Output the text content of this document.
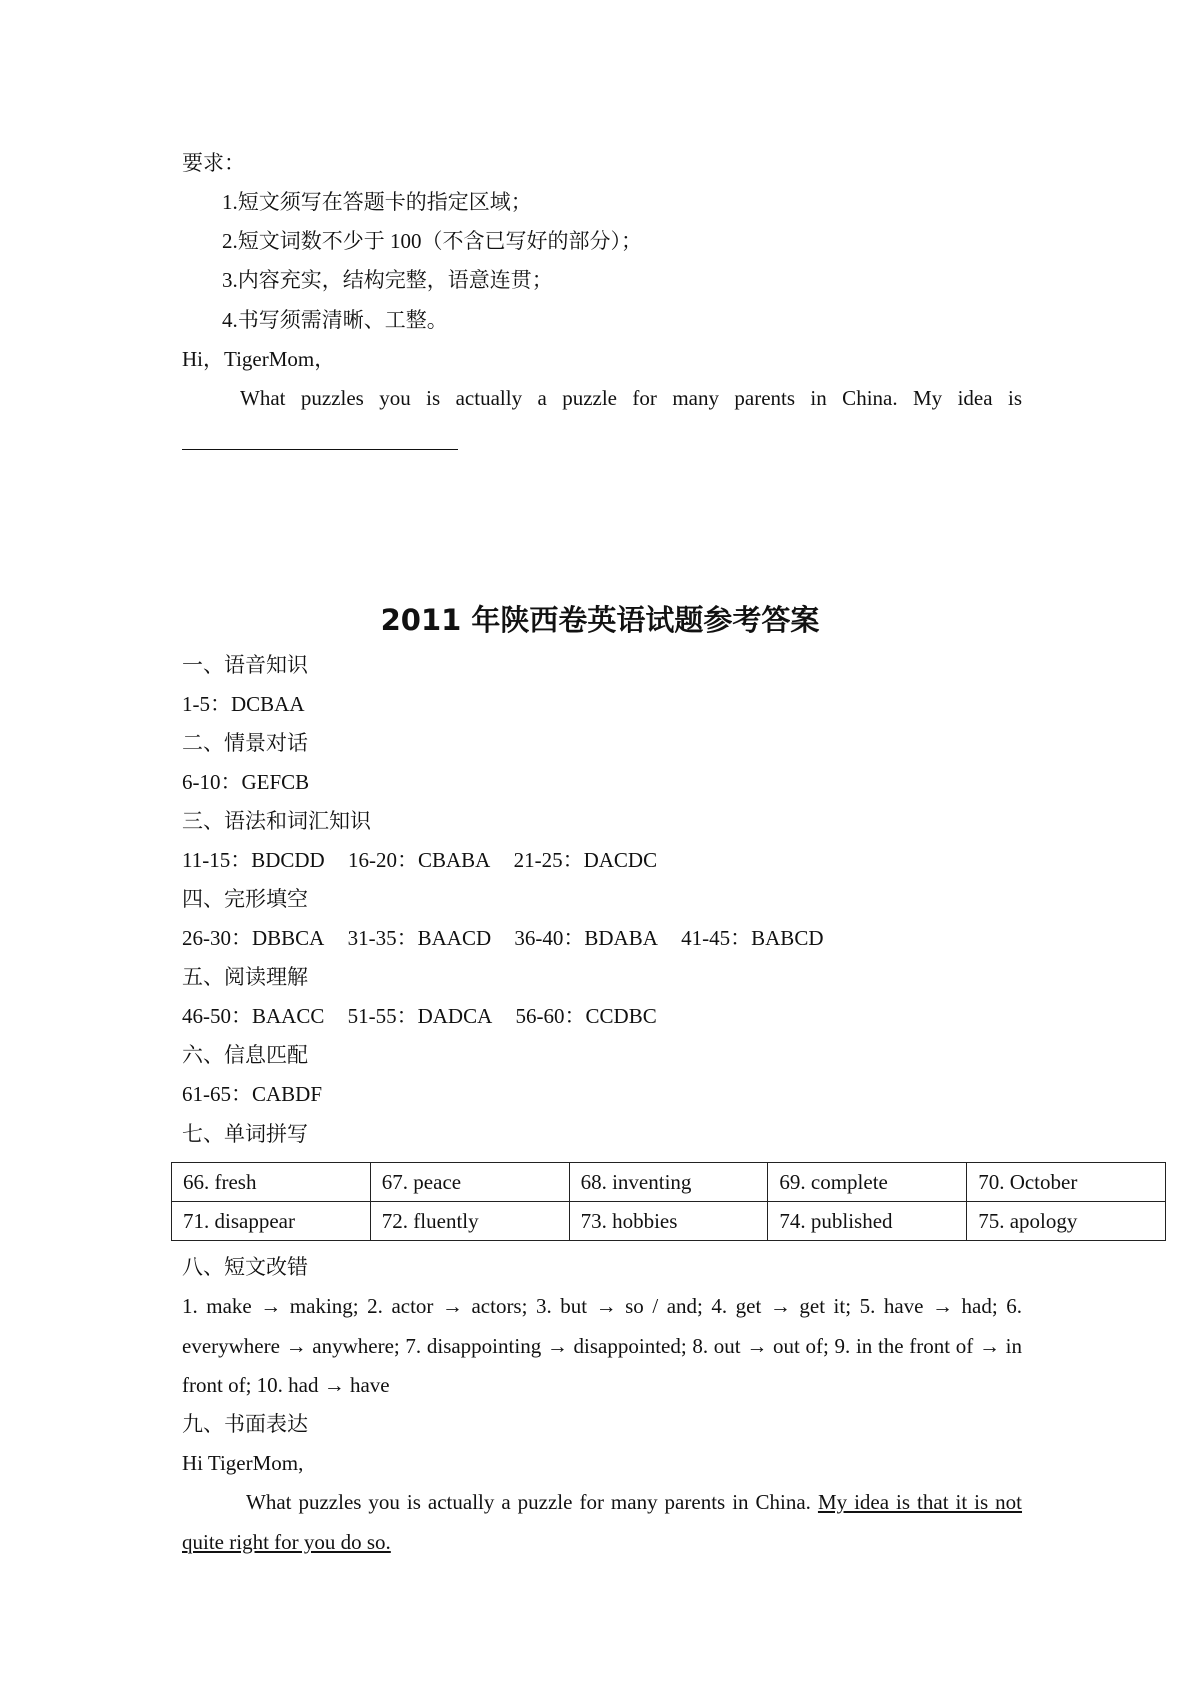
要求：
1.短文须写在答题卡的指定区域；
2.短文词数不少于 100（不含已写好的部分）；
3.内容充实，结构完整，语意连贯；
4.书写须需清晰、工整。
Hi，TigerMom，
What puzzles you is actually a puzzle for many parents in China. My idea is
2011 年陕西卷英语试题参考答案
一、语音知识
1-5：DCBAA
二、情景对话
6-10：GEFCB
三、语法和词汇知识
11-15：BDCDD 16-20：CBABA 21-25：DACDC
四、完形填空
26-30：DBBCA 31-35：BAACD 36-40：BDABA 41-45：BABCD
五、阅读理解
46-50：BAACC 51-55：DADCA 56-60：CCDBC
六、信息匹配
61-65：CABDF
七、单词拼写
66. fresh	67. peace	68. inventing	69. complete	70. October
71. disappear	72. fluently	73. hobbies	74. published	75. apology
八、短文改错
1. make → making; 2. actor → actors; 3. but → so / and; 4. get → get it; 5. have → had; 6. everywhere → anywhere; 7. disappointing → disappointed; 8. out → out of; 9. in the front of → in front of; 10. had → have
九、书面表达
Hi TigerMom,
What puzzles you is actually a puzzle for many parents in China. My idea is that it is not quite right for you do so.
